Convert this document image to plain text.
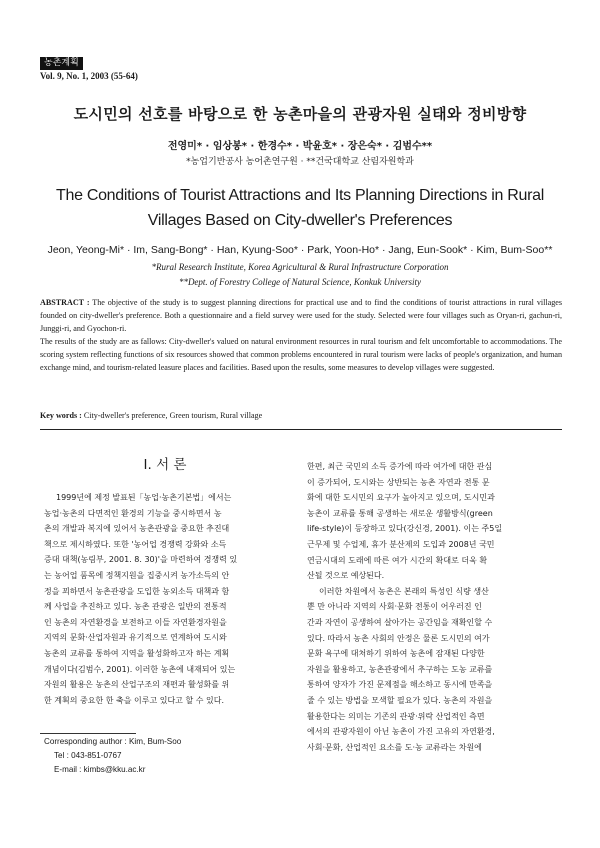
농촌계획
Vol. 9, No. 1, 2003 (55-64)
도시민의 선호를 바탕으로 한 농촌마을의 관광자원 실태와 정비방향
전영미* · 임상봉* · 한경수* · 박윤호* · 장은숙* · 김범수**
*농업기반공사 농어촌연구원 · **건국대학교 산림자원학과
The Conditions of Tourist Attractions and Its Planning Directions in Rural Villages Based on City-dweller's Preferences
Jeon, Yeong-Mi* · Im, Sang-Bong* · Han, Kyung-Soo* · Park, Yoon-Ho* · Jang, Eun-Sook* · Kim, Bum-Soo**
*Rural Research Institute, Korea Agricultural & Rural Infrastructure Corporation
**Dept. of Forestry College of Natural Science, Konkuk University

ABSTRACT : The objective of the study is to suggest planning directions for practical use and to find the conditions of tourist attractions in rural villages founded on city-dweller's preference. Both a questionnaire and a field survey were used for the study. Selected were four villages such as Oryan-ri, gachun-ri, Junggi-ri, and Gyochon-ri.

The results of the study are as fallows: City-dweller's valued on natural environment resources in rural tourism and felt uncomfortable to accommodations. The scoring system reflecting functions of six resources showed that common problems encountered in rural tourism were lacks of people's organization, and human exchange mind, and tourism-related leasure places and facilities. Based upon the results, some measures to develop villages were suggested.

Key words : City-dweller's preference, Green tourism, Rural village
I. 서 론
1999년에 제정 발표된「농업·농촌기본법」에서는
농업·농촌의 다면적인 환경의 기능을 중시하면서 농
촌의 개발과 복지에 있어서 농촌관광을 중요한 추진대
책으로 제시하였다. 또한 '농어업 경쟁력 강화와 소득
증대 대책(농림부, 2001. 8. 30)'을 마련하여 경쟁력 있
는 농어업 품목에 정책지원을 집중시켜 농가소득의 안
정을 꾀하면서 농촌관광을 도입한 농외소득 대책과 함
께 사업을 추진하고 있다. 농촌 관광은 일반의 전통적
인 농촌의 자연환경을 보전하고 이들 자연환경자원을
지역의 문화·산업자원과 유기적으로 연계하여 도시와
농촌의 교류를 통하여 지역을 활성화하고자 하는 계획
개념이다(김범수, 2001). 이러한 농촌에 내재되어 있는
자원의 활용은 농촌의 산업구조의 재편과 활성화를 위
한 계획의 중요한 한 축을 이루고 있다고 할 수 있다.
한편, 최근 국민의 소득 증가에 따라 여가에 대한 관심
이 증가되어, 도시와는 상반되는 농촌 자연과 전통 문
화에 대한 도시민의 요구가 높아지고 있으며, 도시민과
농촌이 교류를 통해 공생하는 새로운 생활방식(green
life-style)이 등장하고 있다(강신경, 2001). 이는 주5일
근무제 및 수업제, 휴가 분산제의 도입과 2008년 국민
연금시대의 도래에 따른 여가 시간의 확대로 더욱 확
산될 것으로 예상된다.
이러한 차원에서 농촌은 본래의 특성인 식량 생산
뿐 만 아니라 지역의 사회·문화 전통이 어우러진 인
간과 자연이 공생하여 살아가는 공간임을 재확인할 수
있다. 따라서 농촌 사회의 안정은 물론 도시민의 여가
문화 욕구에 대처하기 위하여 농촌에 잠재된 다양한
자원을 활용하고, 농촌관광에서 추구하는 도농 교류를
통하여 양자가 가진 문제점을 해소하고 동시에 만족을
줄 수 있는 방법을 모색할 필요가 있다. 농촌의 자원을
활용한다는 의미는 기존의 관광·위락 산업적인 측면
에서의 관광자원이 아닌 농촌이 가진 고유의 자연환경,
사회·문화, 산업적인 요소를 도·농 교류라는 차원에
Corresponding author : Kim, Bum-Soo
Tel : 043-851-0767
E-mail : kimbs@kku.ac.kr
